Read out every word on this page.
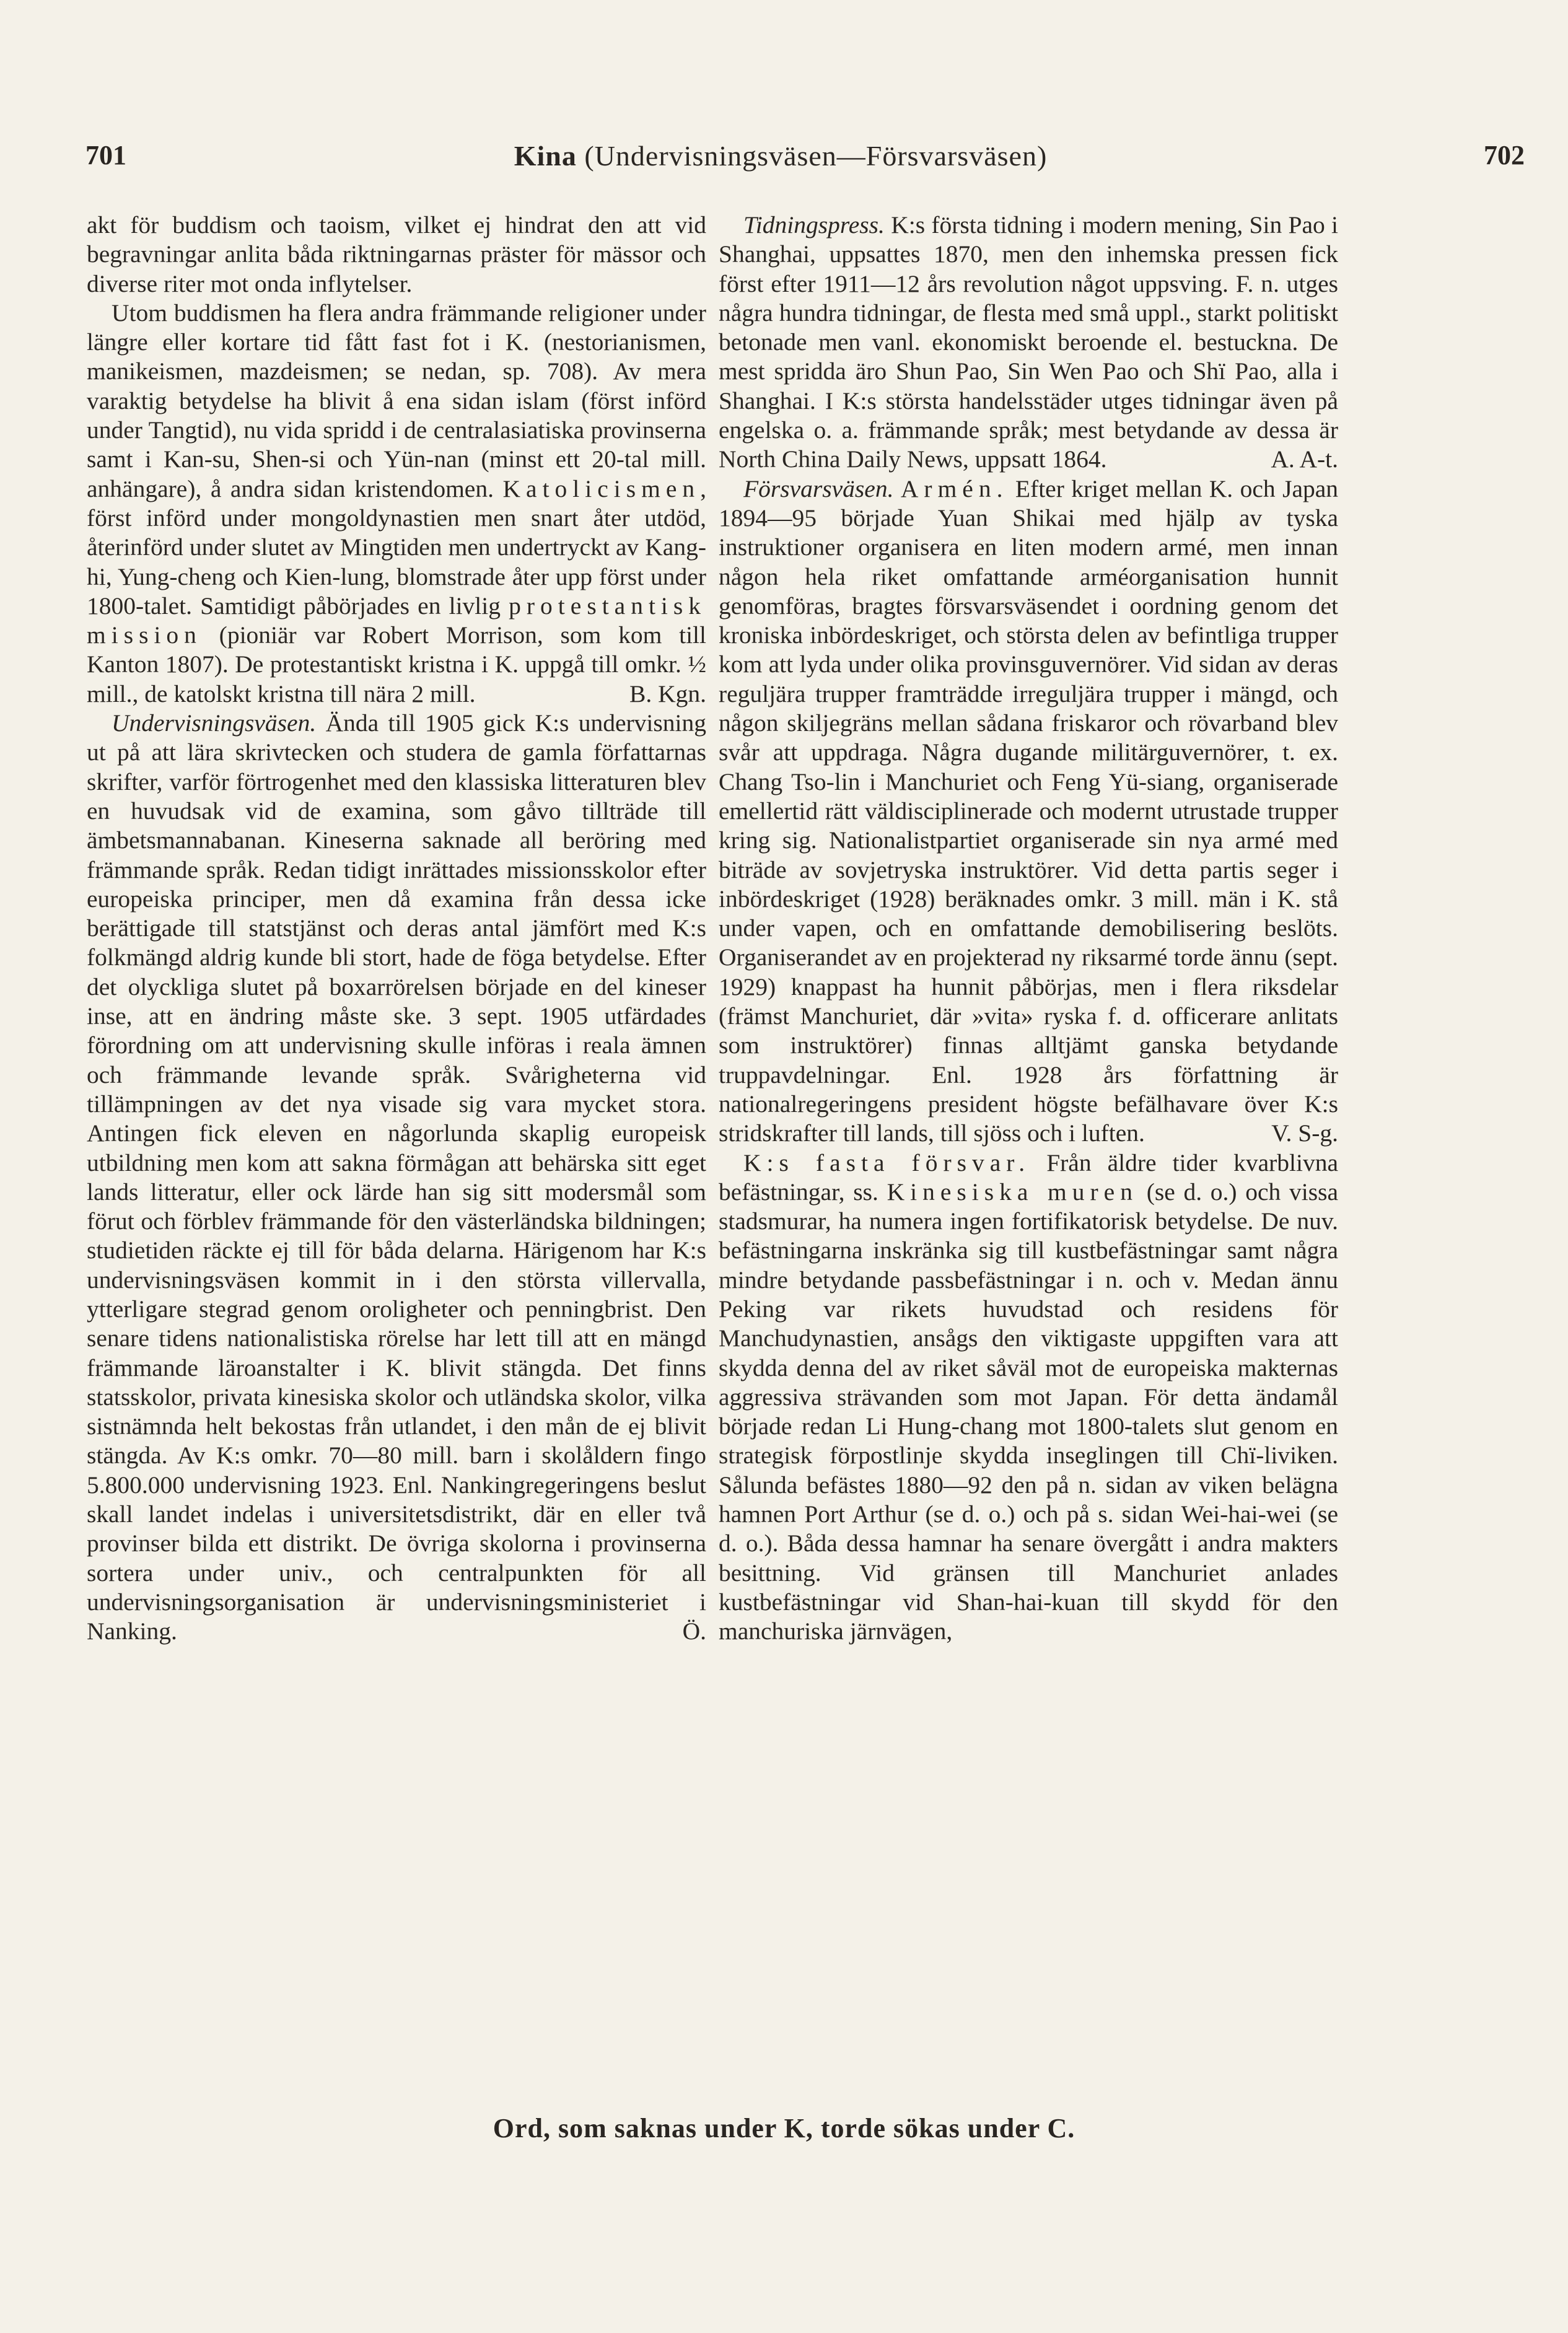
701	Kina (Undervisningsväsen—Försvarsväsen)	702

akt för buddism och taoism, vilket ej hindrat den att vid begravningar anlita båda riktningarnas präster för mässor och diverse riter mot onda inflytelser.

Utom buddismen ha flera andra främmande religioner under längre eller kortare tid fått fast fot i K. (nestorianismen, manikeismen, mazdeismen; se nedan, sp. 708). Av mera varaktig betydelse ha blivit å ena sidan islam (först införd under Tangtid), nu vida spridd i de centralasiatiska provinserna samt i Kan-su, Shen-si och Yün-nan (minst ett 20-tal mill. anhängare), å andra sidan kristendomen. Katolicismen, först införd under mongoldynastien men snart åter utdöd, återinförd under slutet av Mingtiden men undertryckt av Kang-hi, Yung-cheng och Kien-lung, blomstrade åter upp först under 1800-talet. Samtidigt påbörjades en livlig protestantisk mission (pioniär var Robert Morrison, som kom till Kanton 1807). De protestantiskt kristna i K. uppgå till omkr. ½ mill., de katolskt kristna till nära 2 mill.	B. Kgn.

Undervisningsväsen. Ända till 1905 gick K:s undervisning ut på att lära skrivtecken och studera de gamla författarnas skrifter, varför förtrogenhet med den klassiska litteraturen blev en huvudsak vid de examina, som gåvo tillträde till ämbetsmannabanan. Kineserna saknade all beröring med främmande språk. Redan tidigt inrättades missionsskolor efter europeiska principer, men då examina från dessa icke berättigade till statstjänst och deras antal jämfört med K:s folkmängd aldrig kunde bli stort, hade de föga betydelse. Efter det olyckliga slutet på boxarrörelsen började en del kineser inse, att en ändring måste ske. 3 sept. 1905 utfärdades förordning om att undervisning skulle införas i reala ämnen och främmande levande språk. Svårigheterna vid tillämpningen av det nya visade sig vara mycket stora. Antingen fick eleven en någorlunda skaplig europeisk utbildning men kom att sakna förmågan att behärska sitt eget lands litteratur, eller ock lärde han sig sitt modersmål som förut och förblev främmande för den västerländska bildningen; studietiden räckte ej till för båda delarna. Härigenom har K:s undervisningsväsen kommit in i den största villervalla, ytterligare stegrad genom oroligheter och penningbrist. Den senare tidens nationalistiska rörelse har lett till att en mängd främmande läroanstalter i K. blivit stängda. Det finns statsskolor, privata kinesiska skolor och utländska skolor, vilka sistnämnda helt bekostas från utlandet, i den mån de ej blivit stängda. Av K:s omkr. 70—80 mill. barn i skolåldern fingo 5.800.000 undervisning 1923. Enl. Nankingregeringens beslut skall landet indelas i universitetsdistrikt, där en eller två provinser bilda ett distrikt. De övriga skolorna i provinserna sortera under univ., och centralpunkten för all undervisningsorganisation är undervisningsministeriet i Nanking.	Ö.

Tidningspress. K:s första tidning i modern mening, Sin Pao i Shanghai, uppsattes 1870, men den inhemska pressen fick först efter 1911—12 års revolution något uppsving. F. n. utges några hundra tidningar, de flesta med små uppl., starkt politiskt betonade men vanl. ekonomiskt beroende el. bestuckna. De mest spridda äro Shun Pao, Sin Wen Pao och Shï Pao, alla i Shanghai. I K:s största handelsstäder utges tidningar även på engelska o. a. främmande språk; mest betydande av dessa är North China Daily News, uppsatt 1864.	A. A-t.

Försvarsväsen. Armén. Efter kriget mellan K. och Japan 1894—95 började Yuan Shikai med hjälp av tyska instruktioner organisera en liten modern armé, men innan någon hela riket omfattande arméorganisation hunnit genomföras, bragtes försvarsväsendet i oordning genom det kroniska inbördeskriget, och största delen av befintliga trupper kom att lyda under olika provinsguvernörer. Vid sidan av deras reguljära trupper framträdde irreguljära trupper i mängd, och någon skiljegräns mellan sådana friskaror och rövarband blev svår att uppdraga. Några dugande militärguvernörer, t. ex. Chang Tso-lin i Manchuriet och Feng Yü-siang, organiserade emellertid rätt väldisciplinerade och modernt utrustade trupper kring sig. Nationalistpartiet organiserade sin nya armé med biträde av sovjetryska instruktörer. Vid detta partis seger i inbördeskriget (1928) beräknades omkr. 3 mill. män i K. stå under vapen, och en omfattande demobilisering beslöts. Organiserandet av en projekterad ny riksarmé torde ännu (sept. 1929) knappast ha hunnit påbörjas, men i flera riksdelar (främst Manchuriet, där »vita» ryska f. d. officerare anlitats som instruktörer) finnas alltjämt ganska betydande truppavdelningar. Enl. 1928 års författning är nationalregeringens president högste befälhavare över K:s stridskrafter till lands, till sjöss och i luften.	V. S-g.

K:s fasta försvar. Från äldre tider kvarblivna befästningar, ss. Kinesiska muren (se d. o.) och vissa stadsmurar, ha numera ingen fortifikatorisk betydelse. De nuv. befästningarna inskränka sig till kustbefästningar samt några mindre betydande passbefästningar i n. och v. Medan ännu Peking var rikets huvudstad och residens för Manchudynastien, ansågs den viktigaste uppgiften vara att skydda denna del av riket såväl mot de europeiska makternas aggressiva strävanden som mot Japan. För detta ändamål började redan Li Hung-chang mot 1800-talets slut genom en strategisk förpostlinje skydda inseglingen till Chï-liviken. Sålunda befästes 1880—92 den på n. sidan av viken belägna hamnen Port Arthur (se d. o.) och på s. sidan Wei-hai-wei (se d. o.). Båda dessa hamnar ha senare övergått i andra makters besittning. Vid gränsen till Manchuriet anlades kustbefästningar vid Shan-hai-kuan till skydd för den manchuriska järnvägen,

Ord, som saknas under K, torde sökas under C.
